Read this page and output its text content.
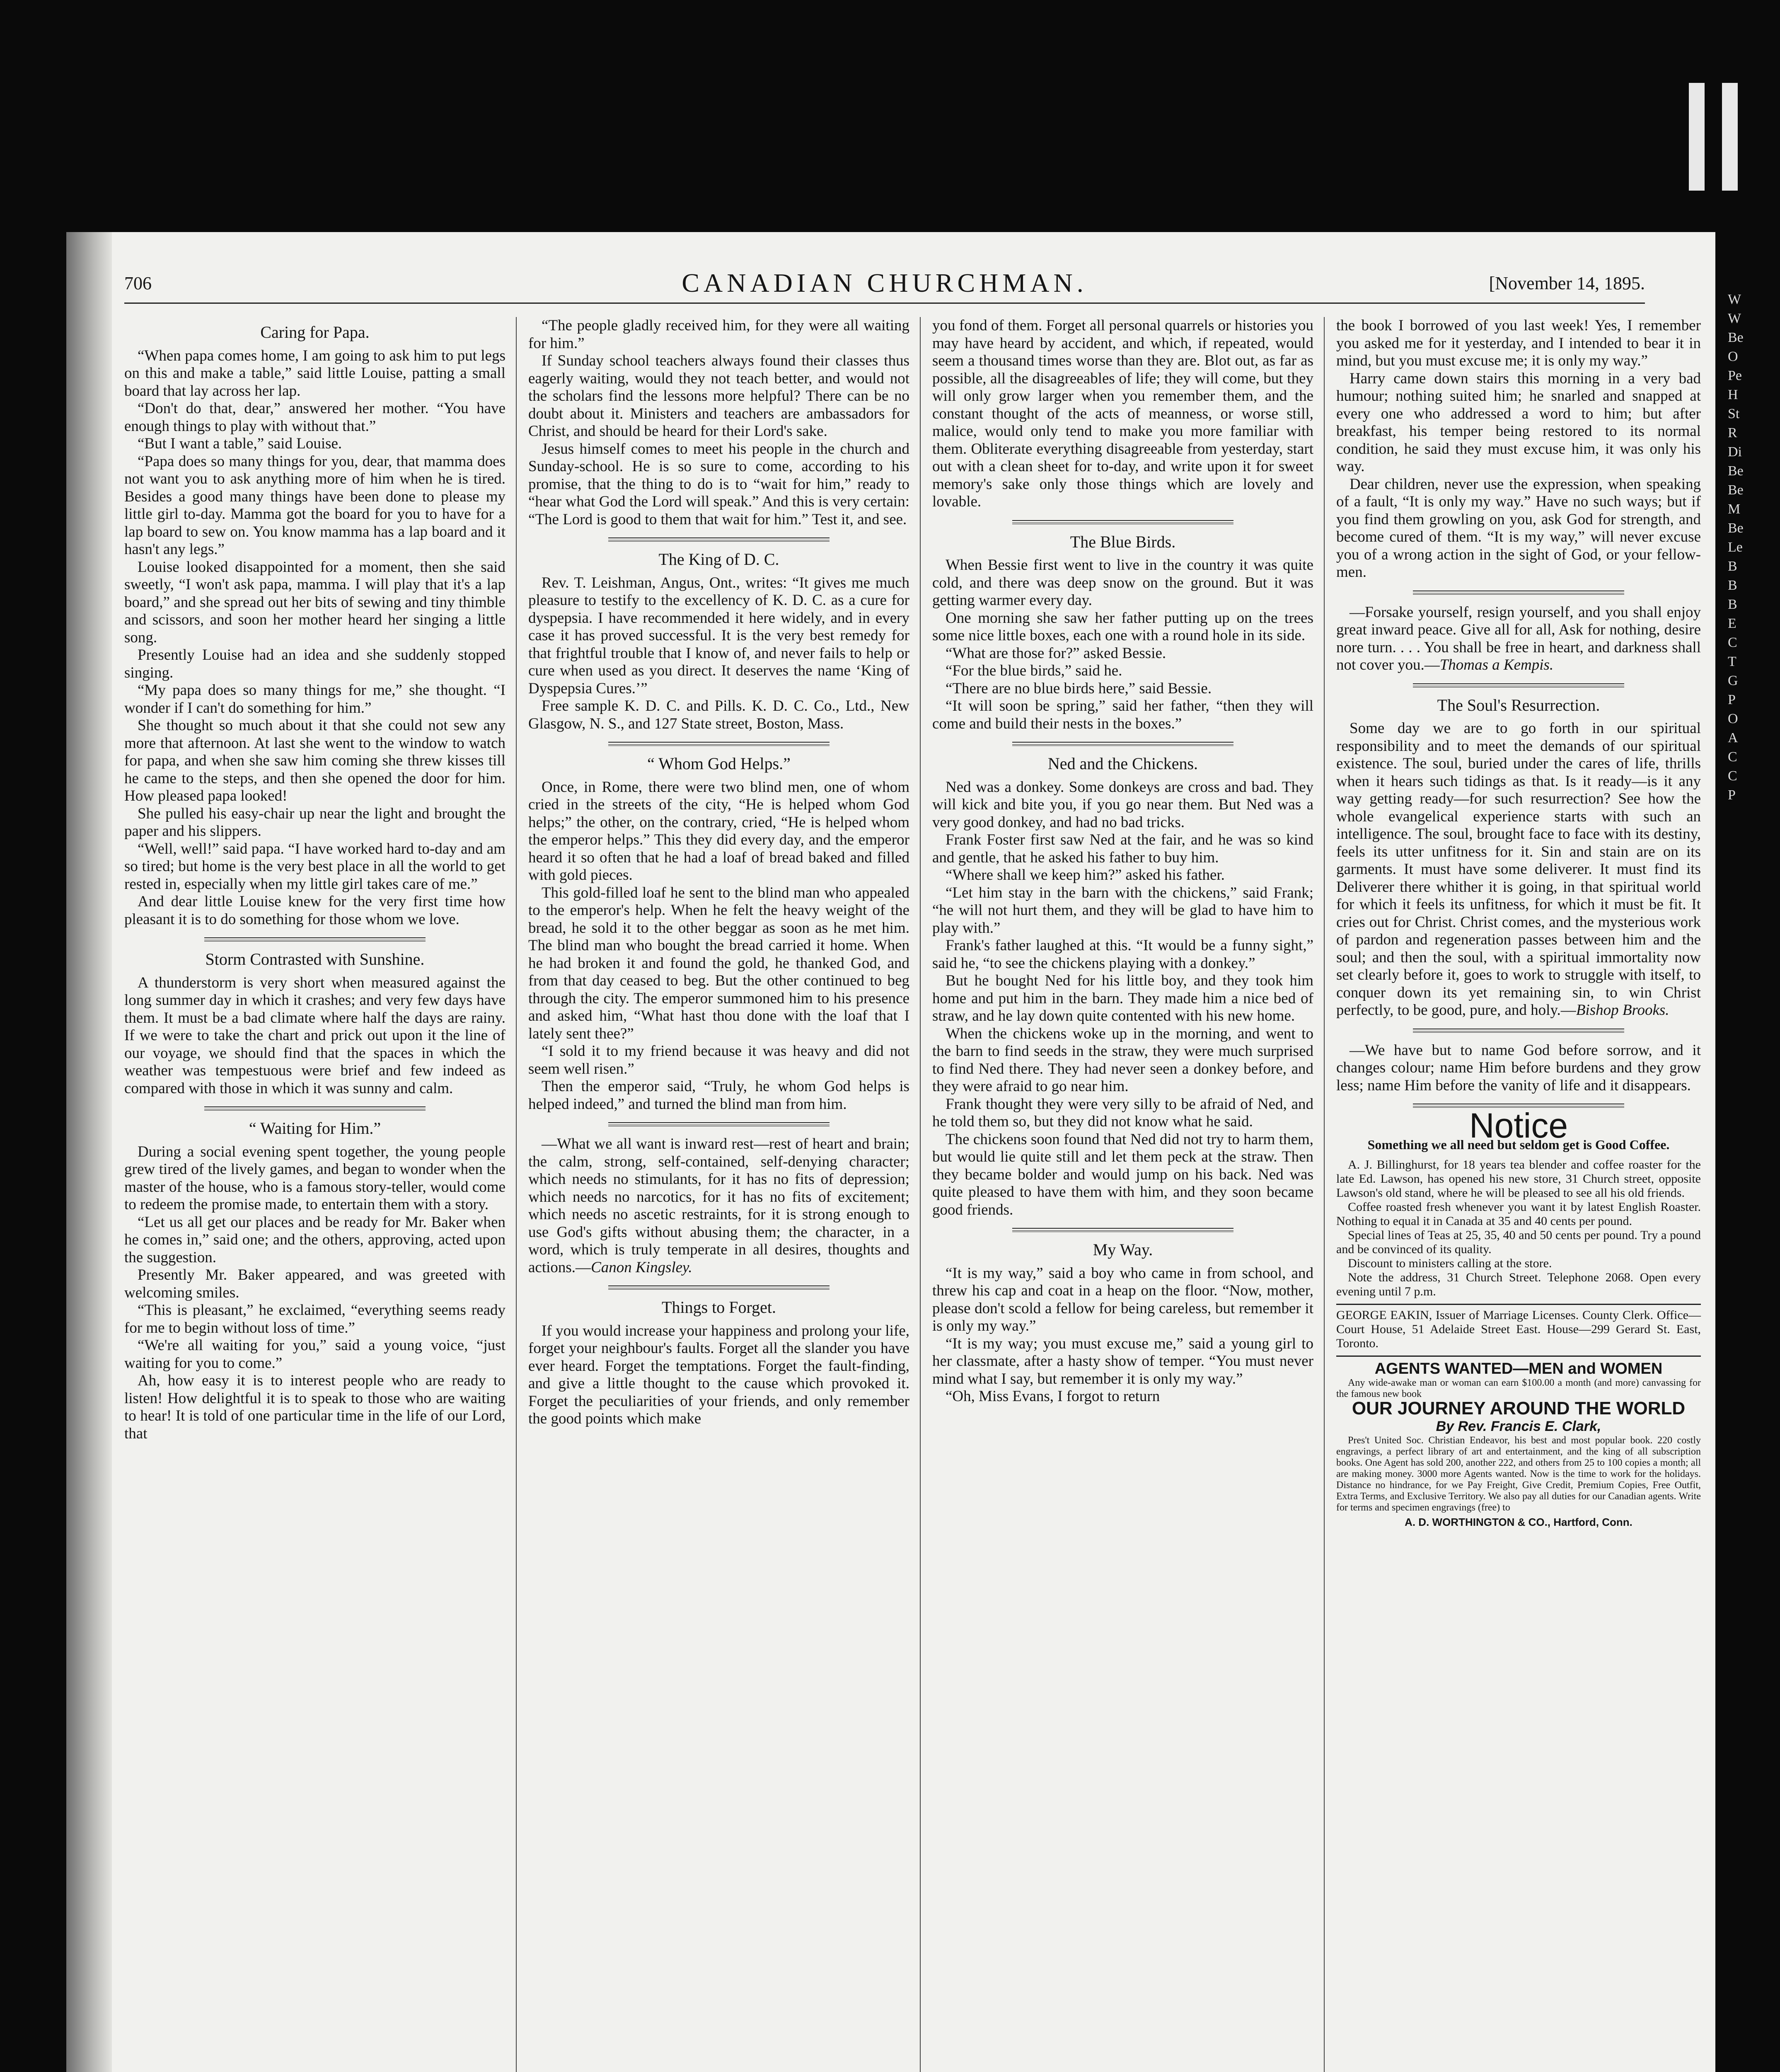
706	CANADIAN CHURCHMAN.	[November 14, 1895.
Caring for Papa.

“When papa comes home, I am going to ask him to put legs on this and make a table,” said little Louise, patting a small board that lay across her lap.

“Don't do that, dear,” answered her mother. “You have enough things to play with without that.”

“But I want a table,” said Louise.

“Papa does so many things for you, dear, that mamma does not want you to ask anything more of him when he is tired. Besides a good many things have been done to please my little girl to-day. Mamma got the board for you to have for a lap board to sew on. You know mamma has a lap board and it hasn't any legs.”

Louise looked disappointed for a moment, then she said sweetly, “I won't ask papa, mamma. I will play that it's a lap board,” and she spread out her bits of sewing and tiny thimble and scissors, and soon her mother heard her singing a little song.

Presently Louise had an idea and she suddenly stopped singing.

“My papa does so many things for me,” she thought. “I wonder if I can't do something for him.”

She thought so much about it that she could not sew any more that afternoon. At last she went to the window to watch for papa, and when she saw him coming she threw kisses till he came to the steps, and then she opened the door for him. How pleased papa looked!

She pulled his easy-chair up near the light and brought the paper and his slippers.

“Well, well!” said papa. “I have worked hard to-day and am so tired; but home is the very best place in all the world to get rested in, especially when my little girl takes care of me.”

And dear little Louise knew for the very first time how pleasant it is to do something for those whom we love.

Storm Contrasted with Sunshine.

A thunderstorm is very short when measured against the long summer day in which it crashes; and very few days have them. It must be a bad climate where half the days are rainy. If we were to take the chart and prick out upon it the line of our voyage, we should find that the spaces in which the weather was tempestuous were brief and few indeed as compared with those in which it was sunny and calm.

“ Waiting for Him.”

During a social evening spent together, the young people grew tired of the lively games, and began to wonder when the master of the house, who is a famous story-teller, would come to redeem the promise made, to entertain them with a story.

“Let us all get our places and be ready for Mr. Baker when he comes in,” said one; and the others, approving, acted upon the suggestion.

Presently Mr. Baker appeared, and was greeted with welcoming smiles.

“This is pleasant,” he exclaimed, “everything seems ready for me to begin without loss of time.”

“We're all waiting for you,” said a young voice, “just waiting for you to come.”

Ah, how easy it is to interest people who are ready to listen! How delightful it is to speak to those who are waiting to hear! It is told of one particular time in the life of our Lord, that

“The people gladly received him, for they were all waiting for him.”

If Sunday school teachers always found their classes thus eagerly waiting, would they not teach better, and would not the scholars find the lessons more helpful? There can be no doubt about it. Ministers and teachers are ambassadors for Christ, and should be heard for their Lord's sake.

Jesus himself comes to meet his people in the church and Sunday-school. He is so sure to come, according to his promise, that the thing to do is to “wait for him,” ready to “hear what God the Lord will speak.” And this is very certain: “The Lord is good to them that wait for him.” Test it, and see.

The King of D. C.

Rev. T. Leishman, Angus, Ont., writes: “It gives me much pleasure to testify to the excellency of K. D. C. as a cure for dyspepsia. I have recommended it here widely, and in every case it has proved successful. It is the very best remedy for that frightful trouble that I know of, and never fails to help or cure when used as you direct. It deserves the name ‘King of Dyspepsia Cures.’”

Free sample K. D. C. and Pills. K. D. C. Co., Ltd., New Glasgow, N. S., and 127 State street, Boston, Mass.

“ Whom God Helps.”

Once, in Rome, there were two blind men, one of whom cried in the streets of the city, “He is helped whom God helps;” the other, on the contrary, cried, “He is helped whom the emperor helps.” This they did every day, and the emperor heard it so often that he had a loaf of bread baked and filled with gold pieces.

This gold-filled loaf he sent to the blind man who appealed to the emperor's help. When he felt the heavy weight of the bread, he sold it to the other beggar as soon as he met him. The blind man who bought the bread carried it home. When he had broken it and found the gold, he thanked God, and from that day ceased to beg. But the other continued to beg through the city. The emperor summoned him to his presence and asked him, “What hast thou done with the loaf that I lately sent thee?”

“I sold it to my friend because it was heavy and did not seem well risen.”

Then the emperor said, “Truly, he whom God helps is helped indeed,” and turned the blind man from him.

—What we all want is inward rest—rest of heart and brain; the calm, strong, self-contained, self-denying character; which needs no stimulants, for it has no fits of depression; which needs no narcotics, for it has no fits of excitement; which needs no ascetic restraints, for it is strong enough to use God's gifts without abusing them; the character, in a word, which is truly temperate in all desires, thoughts and actions.—Canon Kingsley.

Things to Forget.

If you would increase your happiness and prolong your life, forget your neighbour's faults. Forget all the slander you have ever heard. Forget the temptations. Forget the fault-finding, and give a little thought to the cause which provoked it. Forget the peculiarities of your friends, and only remember the good points which make

you fond of them. Forget all personal quarrels or histories you may have heard by accident, and which, if repeated, would seem a thousand times worse than they are. Blot out, as far as possible, all the disagreeables of life; they will come, but they will only grow larger when you remember them, and the constant thought of the acts of meanness, or worse still, malice, would only tend to make you more familiar with them. Obliterate everything disagreeable from yesterday, start out with a clean sheet for to-day, and write upon it for sweet memory's sake only those things which are lovely and lovable.

The Blue Birds.

When Bessie first went to live in the country it was quite cold, and there was deep snow on the ground. But it was getting warmer every day.

One morning she saw her father putting up on the trees some nice little boxes, each one with a round hole in its side.

“What are those for?” asked Bessie.

“For the blue birds,” said he.

“There are no blue birds here,” said Bessie.

“It will soon be spring,” said her father, “then they will come and build their nests in the boxes.”

Ned and the Chickens.

Ned was a donkey. Some donkeys are cross and bad. They will kick and bite you, if you go near them. But Ned was a very good donkey, and had no bad tricks.

Frank Foster first saw Ned at the fair, and he was so kind and gentle, that he asked his father to buy him.

“Where shall we keep him?” asked his father.

“Let him stay in the barn with the chickens,” said Frank; “he will not hurt them, and they will be glad to have him to play with.”

Frank's father laughed at this. “It would be a funny sight,” said he, “to see the chickens playing with a donkey.”

But he bought Ned for his little boy, and they took him home and put him in the barn. They made him a nice bed of straw, and he lay down quite contented with his new home.

When the chickens woke up in the morning, and went to the barn to find seeds in the straw, they were much surprised to find Ned there. They had never seen a donkey before, and they were afraid to go near him.

Frank thought they were very silly to be afraid of Ned, and he told them so, but they did not know what he said.

The chickens soon found that Ned did not try to harm them, but would lie quite still and let them peck at the straw. Then they became bolder and would jump on his back. Ned was quite pleased to have them with him, and they soon became good friends.

My Way.

“It is my way,” said a boy who came in from school, and threw his cap and coat in a heap on the floor. “Now, mother, please don't scold a fellow for being careless, but remember it is only my way.”

“It is my way; you must excuse me,” said a young girl to her classmate, after a hasty show of temper. “You must never mind what I say, but remember it is only my way.”

“Oh, Miss Evans, I forgot to return

the book I borrowed of you last week! Yes, I remember you asked me for it yesterday, and I intended to bear it in mind, but you must excuse me; it is only my way.”

Harry came down stairs this morning in a very bad humour; nothing suited him; he snarled and snapped at every one who addressed a word to him; but after breakfast, his temper being restored to its normal condition, he said they must excuse him, it was only his way.

Dear children, never use the expression, when speaking of a fault, “It is only my way.” Have no such ways; but if you find them growling on you, ask God for strength, and become cured of them. “It is my way,” will never excuse you of a wrong action in the sight of God, or your fellow-men.

—Forsake yourself, resign yourself, and you shall enjoy great inward peace. Give all for all, Ask for nothing, desire nore turn. . . . You shall be free in heart, and darkness shall not cover you.—Thomas a Kempis.

The Soul's Resurrection.

Some day we are to go forth in our spiritual responsibility and to meet the demands of our spiritual existence. The soul, buried under the cares of life, thrills when it hears such tidings as that. Is it ready—is it any way getting ready—for such resurrection? See how the whole evangelical experience starts with such an intelligence. The soul, brought face to face with its destiny, feels its utter unfitness for it. Sin and stain are on its garments. It must have some deliverer. It must find its Deliverer there whither it is going, in that spiritual world for which it feels its unfitness, for which it must be fit. It cries out for Christ. Christ comes, and the mysterious work of pardon and regeneration passes between him and the soul; and then the soul, with a spiritual immortality now set clearly before it, goes to work to struggle with itself, to conquer down its yet remaining sin, to win Christ perfectly, to be good, pure, and holy.—Bishop Brooks.

—We have but to name God before sorrow, and it changes colour; name Him before burdens and they grow less; name Him before the vanity of life and it disappears.

Notice
Something we all need but seldom get is Good Coffee.

A. J. Billinghurst, for 18 years tea blender and coffee roaster for the late Ed. Lawson, has opened his new store, 31 Church street, opposite Lawson's old stand, where he will be pleased to see all his old friends.

Coffee roasted fresh whenever you want it by latest English Roaster. Nothing to equal it in Canada at 35 and 40 cents per pound.

Special lines of Teas at 25, 35, 40 and 50 cents per pound. Try a pound and be convinced of its quality.

Discount to ministers calling at the store.

Note the address, 31 Church Street. Telephone 2068. Open every evening until 7 p.m.

GEORGE EAKIN, Issuer of Marriage Licenses. County Clerk. Office—Court House, 51 Adelaide Street East. House—299 Gerard St. East, Toronto.

AGENTS WANTED—MEN and WOMEN

Any wide-awake man or woman can earn $100.00 a month (and more) canvassing for the famous new book

OUR JOURNEY AROUND THE WORLD
By Rev. Francis E. Clark,

Pres't United Soc. Christian Endeavor, his best and most popular book. 220 costly engravings, a perfect library of art and entertainment, and the king of all subscription books. One Agent has sold 200, another 222, and others from 25 to 100 copies a month; all are making money. 3000 more Agents wanted. Now is the time to work for the holidays. Distance no hindrance, for we Pay Freight, Give Credit, Premium Copies, Free Outfit, Extra Terms, and Exclusive Territory. We also pay all duties for our Canadian agents. Write for terms and specimen engravings (free) to

A. D. WORTHINGTON & CO., Hartford, Conn.
W
W
Be
O
Pe
H
St
R
Di
Be
Be
M
Be
Le
B
B
B
E
C
T
G
P
O
A
C
C
P
